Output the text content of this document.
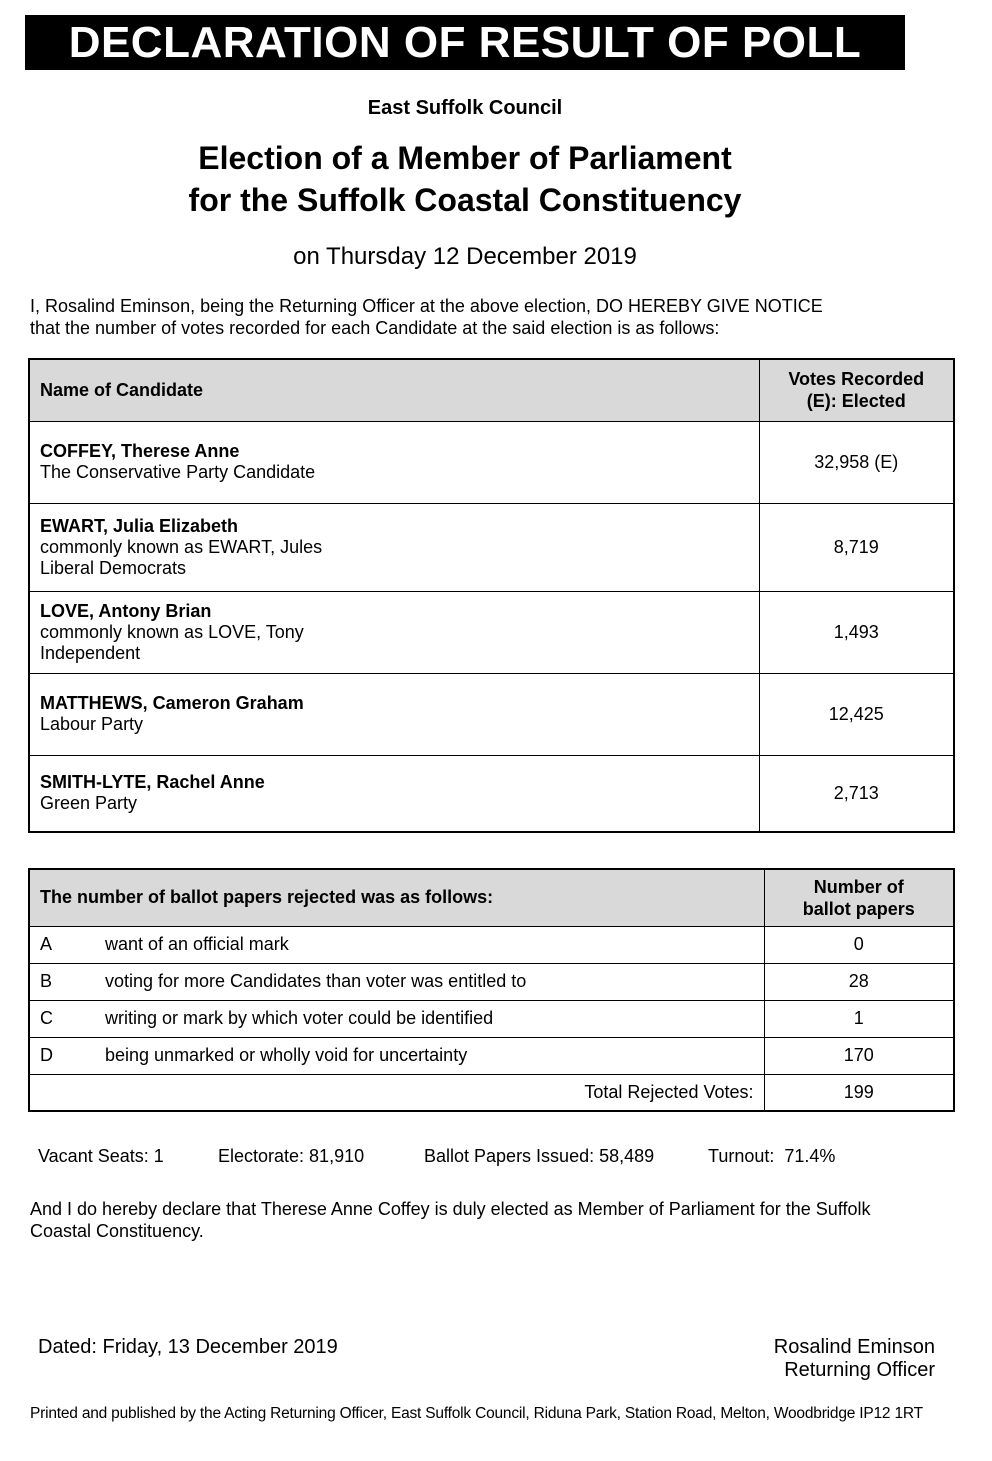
DECLARATION OF RESULT OF POLL
East Suffolk Council
Election of a Member of Parliament
for the Suffolk Coastal Constituency
on Thursday 12 December 2019
I, Rosalind Eminson, being the Returning Officer at the above election, DO HEREBY GIVE NOTICE
that the number of votes recorded for each Candidate at the said election is as follows:
Name of Candidate	Votes Recorded
(E): Elected

COFFEY, Therese Anne
The Conservative Party Candidate	32,958 (E)

EWART, Julia Elizabeth
commonly known as EWART, Jules
Liberal Democrats	8,719

LOVE, Antony Brian
commonly known as LOVE, Tony
Independent	1,493

MATTHEWS, Cameron Graham
Labour Party	12,425

SMITH-LYTE, Rachel Anne
Green Party	2,713
The number of ballot papers rejected was as follows:	Number of
ballot papers

A want of an official mark	0
B voting for more Candidates than voter was entitled to	28
C writing or mark by which voter could be identified	1
D being unmarked or wholly void for uncertainty	170
Total Rejected Votes:	199
Vacant Seats: 1	Electorate: 81,910	Ballot Papers Issued: 58,489	Turnout:  71.4%
And I do hereby declare that Therese Anne Coffey is duly elected as Member of Parliament for the Suffolk
Coastal Constituency.
Dated: Friday, 13 December 2019	Rosalind Eminson
Returning Officer
Printed and published by the Acting Returning Officer, East Suffolk Council, Riduna Park, Station Road, Melton, Woodbridge IP12 1RT
